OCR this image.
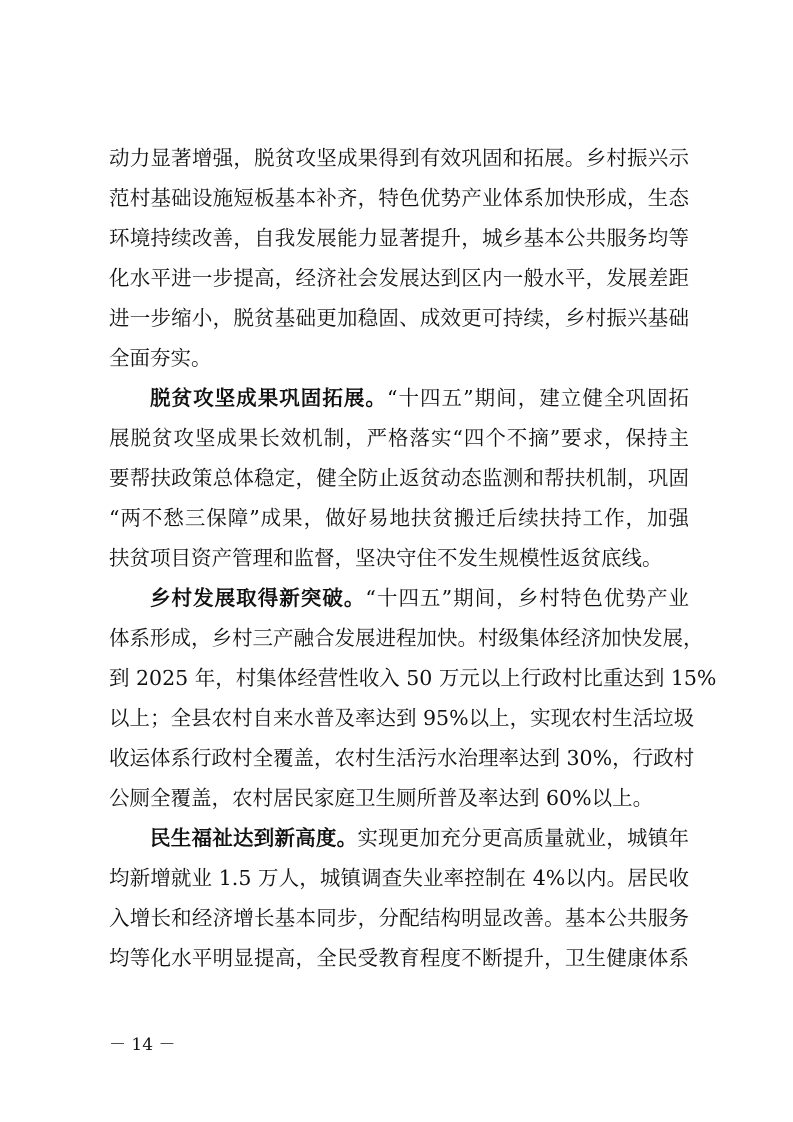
动力显著增强，脱贫攻坚成果得到有效巩固和拓展。乡村振兴示
范村基础设施短板基本补齐，特色优势产业体系加快形成，生态
环境持续改善，自我发展能力显著提升，城乡基本公共服务均等
化水平进一步提高，经济社会发展达到区内一般水平，发展差距
进一步缩小，脱贫基础更加稳固、成效更可持续，乡村振兴基础
全面夯实。
脱贫攻坚成果巩固拓展。“十四五”期间，建立健全巩固拓
展脱贫攻坚成果长效机制，严格落实“四个不摘”要求，保持主
要帮扶政策总体稳定，健全防止返贫动态监测和帮扶机制，巩固
“两不愁三保障”成果，做好易地扶贫搬迁后续扶持工作，加强
扶贫项目资产管理和监督，坚决守住不发生规模性返贫底线。
乡村发展取得新突破。“十四五”期间，乡村特色优势产业
体系形成，乡村三产融合发展进程加快。村级集体经济加快发展，
到 2025 年，村集体经营性收入 50 万元以上行政村比重达到 15%
以上；全县农村自来水普及率达到 95%以上，实现农村生活垃圾
收运体系行政村全覆盖，农村生活污水治理率达到 30%，行政村
公厕全覆盖，农村居民家庭卫生厕所普及率达到 60%以上。
民生福祉达到新高度。实现更加充分更高质量就业，城镇年
均新增就业 1.5 万人，城镇调查失业率控制在 4%以内。居民收
入增长和经济增长基本同步，分配结构明显改善。基本公共服务
均等化水平明显提高，全民受教育程度不断提升，卫生健康体系
－ 14 －
